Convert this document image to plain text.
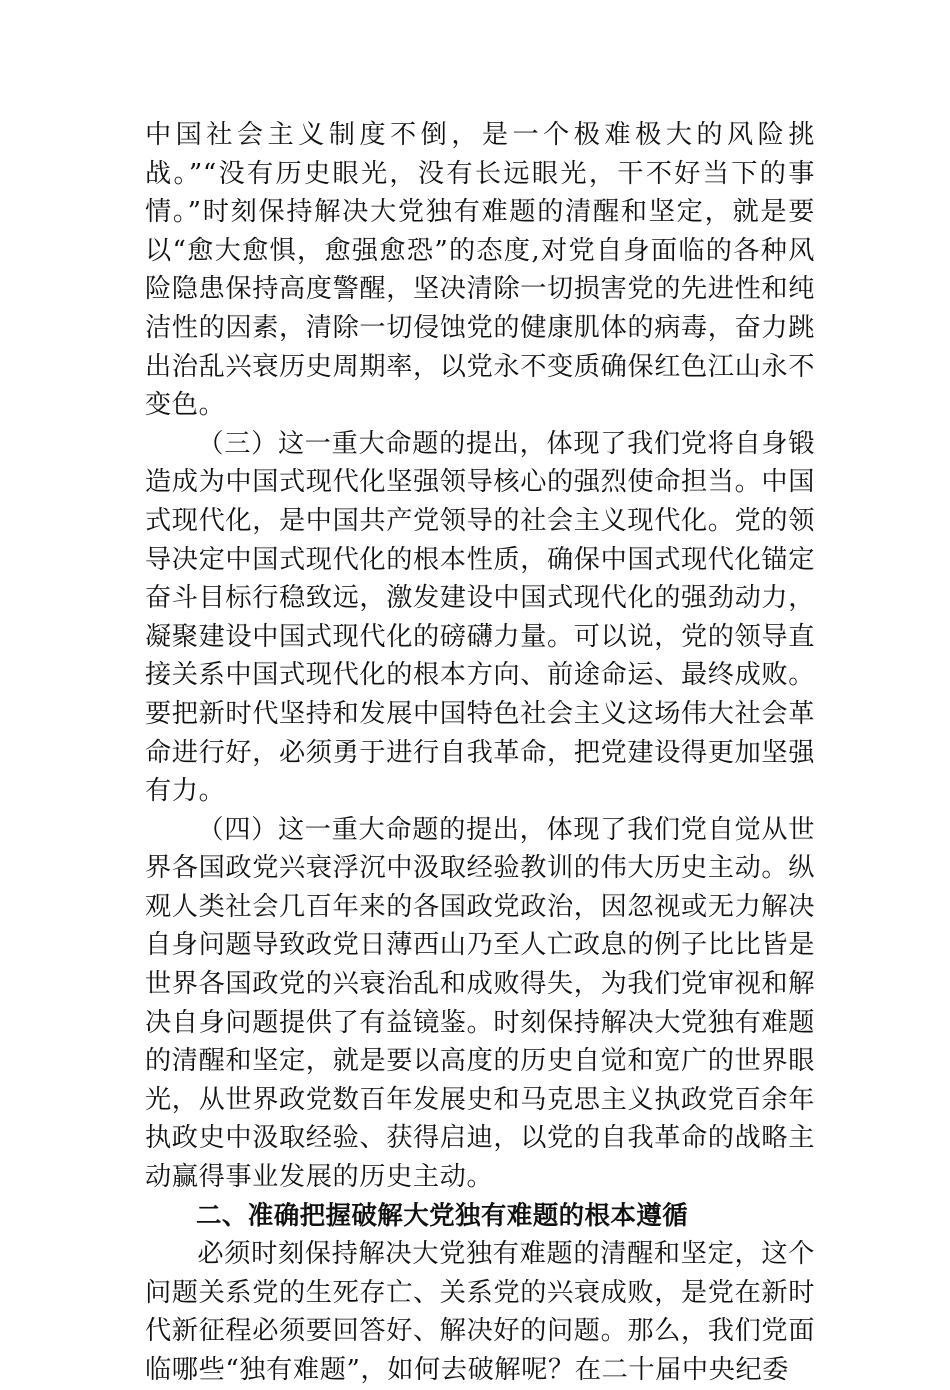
中国社会主义制度不倒，是一个极难极大的风险挑战。”“没有历史眼光，没有长远眼光，干不好当下的事情。”时刻保持解决大党独有难题的清醒和坚定，就是要以“愈大愈惧，愈强愈恐”的态度,对党自身面临的各种风险隐患保持高度警醒，坚决清除一切损害党的先进性和纯洁性的因素，清除一切侵蚀党的健康肌体的病毒，奋力跳出治乱兴衰历史周期率，以党永不变质确保红色江山永不变色。

（三）这一重大命题的提出，体现了我们党将自身锻造成为中国式现代化坚强领导核心的强烈使命担当。中国式现代化，是中国共产党领导的社会主义现代化。党的领导决定中国式现代化的根本性质，确保中国式现代化锚定奋斗目标行稳致远，激发建设中国式现代化的强劲动力，凝聚建设中国式现代化的磅礴力量。可以说，党的领导直接关系中国式现代化的根本方向、前途命运、最终成败。要把新时代坚持和发展中国特色社会主义这场伟大社会革命进行好，必须勇于进行自我革命，把党建设得更加坚强有力。

（四）这一重大命题的提出，体现了我们党自觉从世界各国政党兴衰浮沉中汲取经验教训的伟大历史主动。纵观人类社会几百年来的各国政党政治，因忽视或无力解决自身问题导致政党日薄西山乃至人亡政息的例子比比皆是世界各国政党的兴衰治乱和成败得失，为我们党审视和解决自身问题提供了有益镜鉴。时刻保持解决大党独有难题的清醒和坚定，就是要以高度的历史自觉和宽广的世界眼光，从世界政党数百年发展史和马克思主义执政党百余年执政史中汲取经验、获得启迪，以党的自我革命的战略主动赢得事业发展的历史主动。

二、准确把握破解大党独有难题的根本遵循

必须时刻保持解决大党独有难题的清醒和坚定，这个问题关系党的生死存亡、关系党的兴衰成败，是党在新时代新征程必须要回答好、解决好的问题。那么，我们党面临哪些“独有难题”，如何去破解呢？在二十届中央纪委
